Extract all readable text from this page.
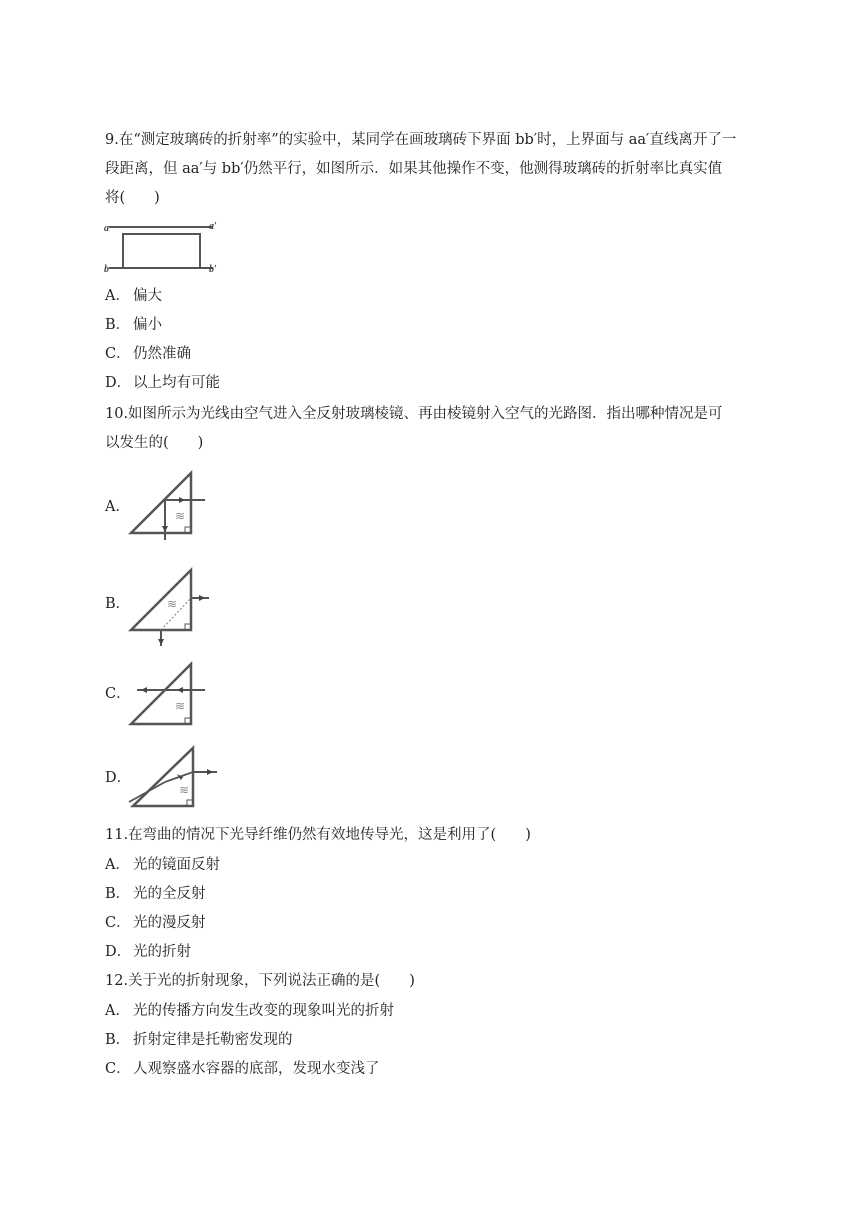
9.在“测定玻璃砖的折射率”的实验中，某同学在画玻璃砖下界面 bb′时，上界面与 aa′直线离开了一
段距离，但 aa′与 bb′仍然平行，如图所示．如果其他操作不变，他测得玻璃砖的折射率比真实值
将(　　)
a	a′
b	b′
A． 偏大
B． 偏小
C． 仍然准确
D． 以上均有可能
10.如图所示为光线由空气进入全反射玻璃棱镜、再由棱镜射入空气的光路图．指出哪种情况是可
以发生的(　　)
A．
≋
B．	≋
C．
≋
D．
≋
11.在弯曲的情况下光导纤维仍然有效地传导光，这是利用了(　　)
A． 光的镜面反射
B． 光的全反射
C． 光的漫反射
D． 光的折射
12.关于光的折射现象，下列说法正确的是(　　)
A． 光的传播方向发生改变的现象叫光的折射
B． 折射定律是托勒密发现的
C． 人观察盛水容器的底部，发现水变浅了
